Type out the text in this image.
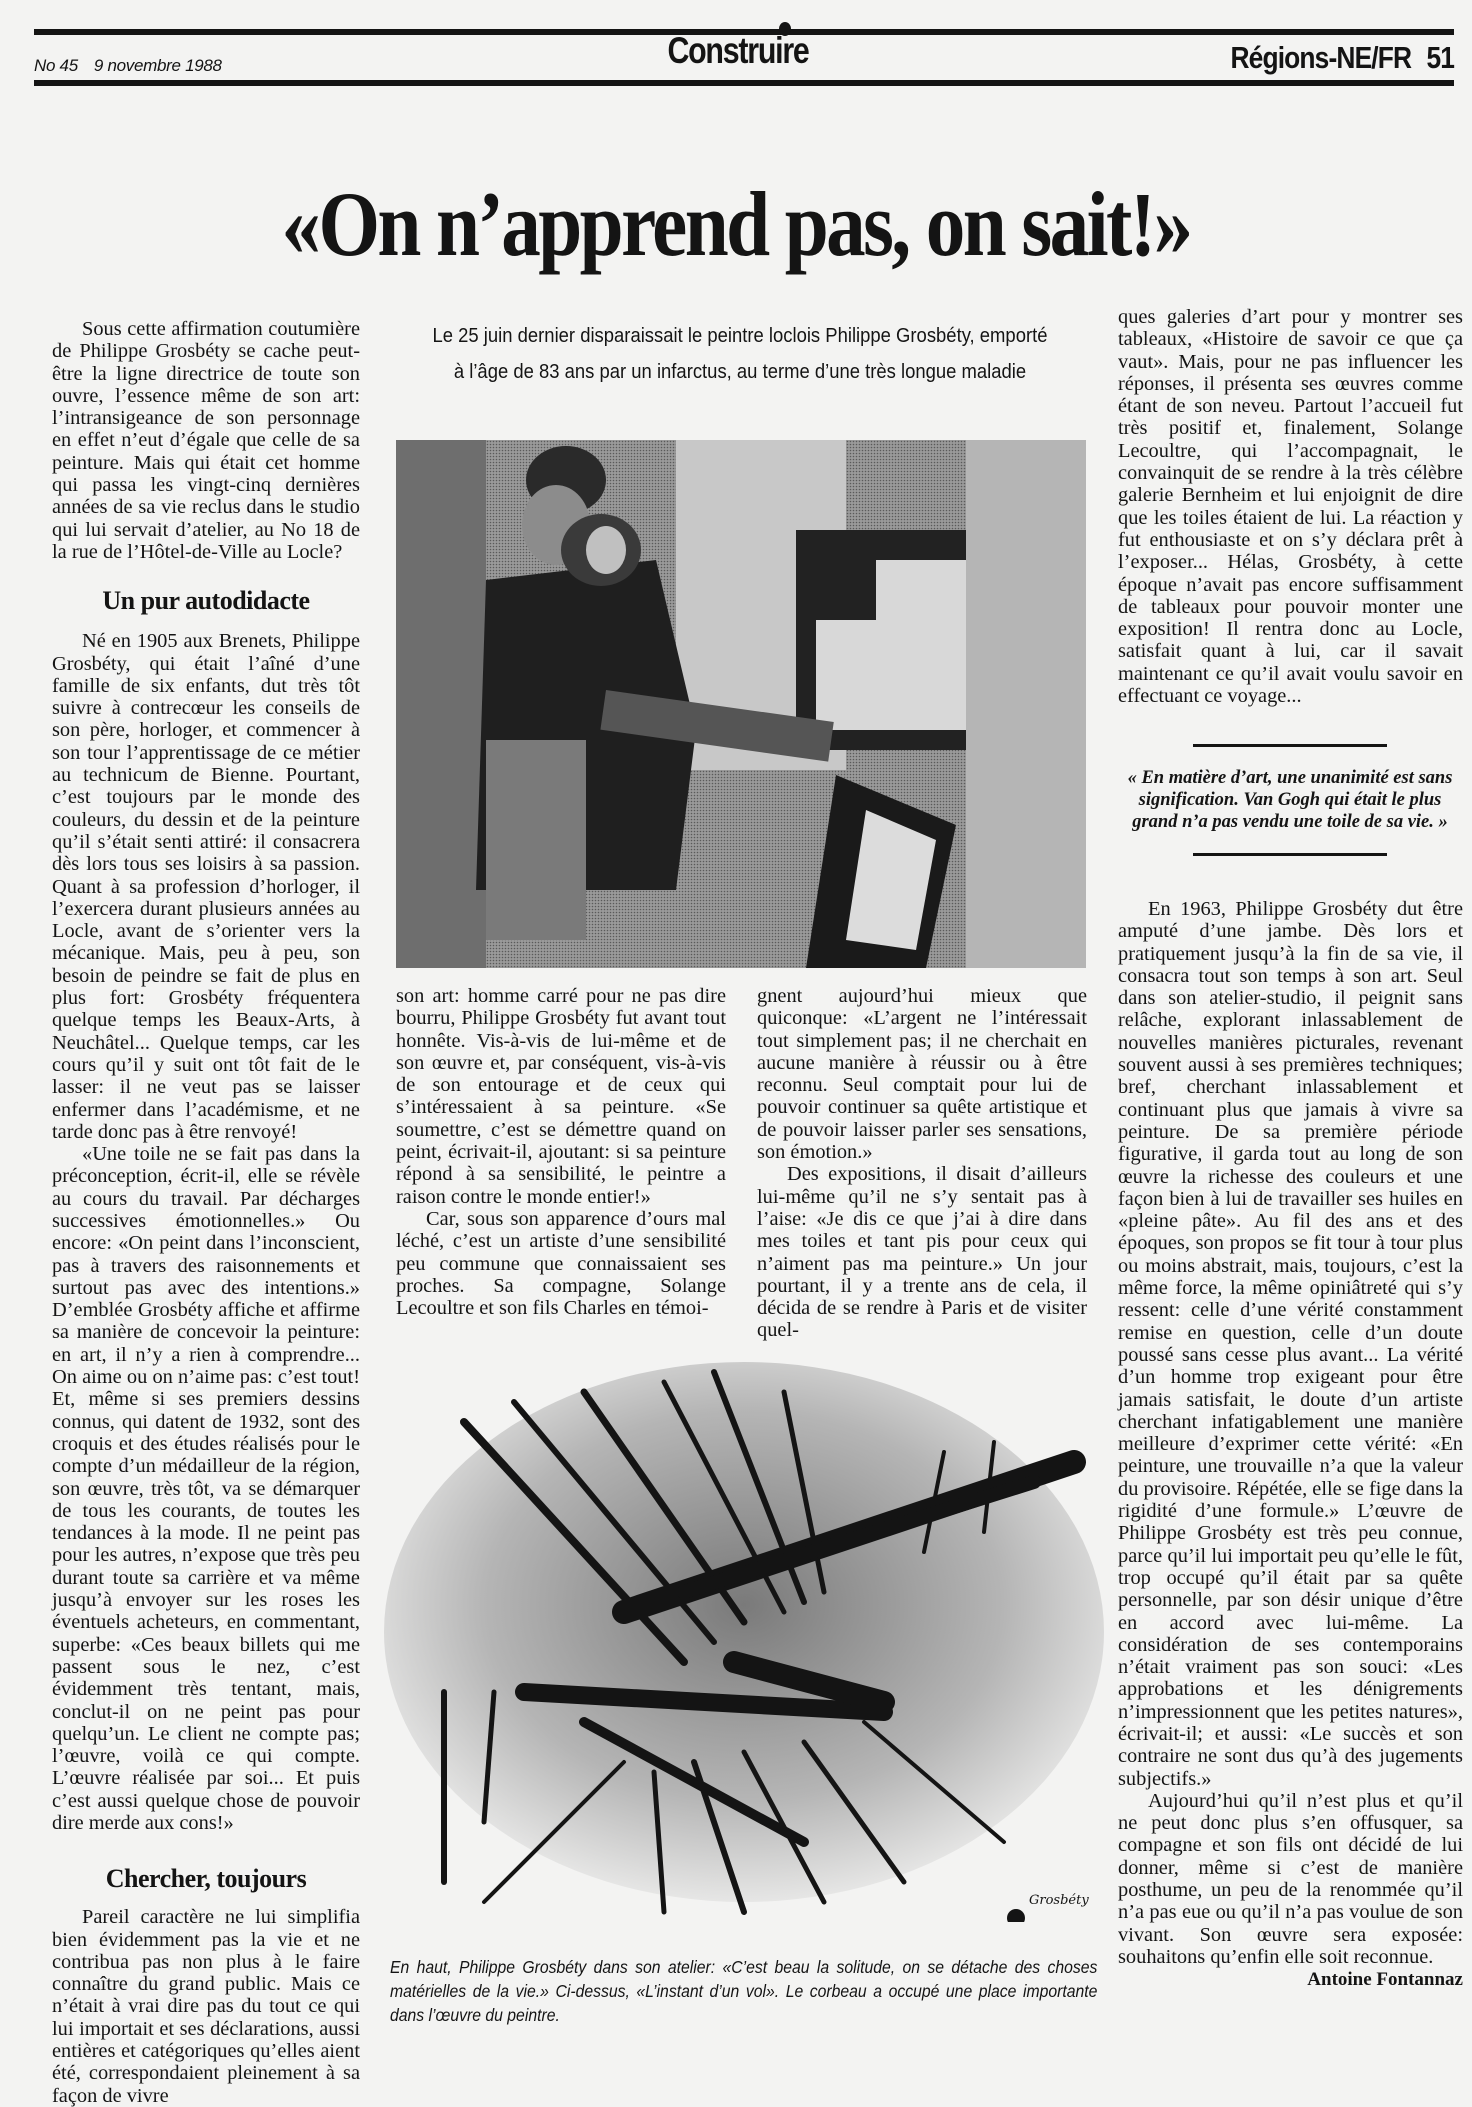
No 45 9 novembre 1988	Construire	Régions-NE/FR 51
«On n’apprend pas, on sait!»

Sous cette affirmation coutumière de Philippe Grosbéty se cache peut-être la ligne directrice de toute son ouvre, l’essence même de son art: l’intransigeance de son personnage en effet n’eut d’égale que celle de sa peinture. Mais qui était cet homme qui passa les vingt-cinq dernières années de sa vie reclus dans le studio qui lui servait d’atelier, au No 18 de la rue de l’Hôtel-de-Ville au Locle?

Un pur autodidacte

Né en 1905 aux Brenets, Philippe Grosbéty, qui était l’aîné d’une famille de six enfants, dut très tôt suivre à contrecœur les conseils de son père, horloger, et commencer à son tour l’apprentissage de ce métier au technicum de Bienne. Pourtant, c’est toujours par le monde des couleurs, du dessin et de la peinture qu’il s’était senti attiré: il consacrera dès lors tous ses loisirs à sa passion. Quant à sa profession d’horloger, il l’exercera durant plusieurs années au Locle, avant de s’orienter vers la mécanique. Mais, peu à peu, son besoin de peindre se fait de plus en plus fort: Grosbéty fréquentera quelque temps les Beaux-Arts, à Neuchâtel... Quelque temps, car les cours qu’il y suit ont tôt fait de le lasser: il ne veut pas se laisser enfermer dans l’académisme, et ne tarde donc pas à être renvoyé!

«Une toile ne se fait pas dans la préconception, écrit-il, elle se révèle au cours du travail. Par décharges successives émotionnelles.» Ou encore: «On peint dans l’inconscient, pas à travers des raisonnements et surtout pas avec des intentions.» D’emblée Grosbéty affiche et affirme sa manière de concevoir la peinture: en art, il n’y a rien à comprendre... On aime ou on n’aime pas: c’est tout! Et, même si ses premiers dessins connus, qui datent de 1932, sont des croquis et des études réalisés pour le compte d’un médailleur de la région, son œuvre, très tôt, va se démarquer de tous les courants, de toutes les tendances à la mode. Il ne peint pas pour les autres, n’expose que très peu durant toute sa carrière et va même jusqu’à envoyer sur les roses les éventuels acheteurs, en commentant, superbe: «Ces beaux billets qui me passent sous le nez, c’est évidemment très tentant, mais, conclut-il on ne peint pas pour quelqu’un. Le client ne compte pas; l’œuvre, voilà ce qui compte. L’œuvre réalisée par soi... Et puis c’est aussi quelque chose de pouvoir dire merde aux cons!»

Chercher, toujours

Pareil caractère ne lui simplifia bien évidemment pas la vie et ne contribua pas non plus à le faire connaître du grand public. Mais ce n’était à vrai dire pas du tout ce qui lui importait et ses déclarations, aussi entières et catégoriques qu’elles aient été, correspondaient pleinement à sa façon de vivre

Le 25 juin dernier disparaissait le peintre loclois Philippe Grosbéty, emporté à l’âge de 83 ans par un infarctus, au terme d’une très longue maladie

son art: homme carré pour ne pas dire bourru, Philippe Grosbéty fut avant tout honnête. Vis-à-vis de lui-même et de son œuvre et, par conséquent, vis-à-vis de son entourage et de ceux qui s’intéressaient à sa peinture. «Se soumettre, c’est se démettre quand on peint, écrivait-il, ajoutant: si sa peinture répond à sa sensibilité, le peintre a raison contre le monde entier!»

Car, sous son apparence d’ours mal léché, c’est un artiste d’une sensibilité peu commune que connaissaient ses proches. Sa compagne, Solange Lecoultre et son fils Charles en témoi-

gnent aujourd’hui mieux que quiconque: «L’argent ne l’intéressait tout simplement pas; il ne cherchait en aucune manière à réussir ou à être reconnu. Seul comptait pour lui de pouvoir continuer sa quête artistique et de pouvoir laisser parler ses sensations, son émotion.»

Des expositions, il disait d’ailleurs lui-même qu’il ne s’y sentait pas à l’aise: «Je dis ce que j’ai à dire dans mes toiles et tant pis pour ceux qui n’aiment pas ma peinture.» Un jour pourtant, il y a trente ans de cela, il décida de se rendre à Paris et de visiter quel-

Grosbéty
En haut, Philippe Grosbéty dans son atelier: «C’est beau la solitude, on se détache des choses matérielles de la vie.» Ci-dessus, «L’instant d’un vol». Le corbeau a occupé une place importante dans l’œuvre du peintre.

ques galeries d’art pour y montrer ses tableaux, «Histoire de savoir ce que ça vaut». Mais, pour ne pas influencer les réponses, il présenta ses œuvres comme étant de son neveu. Partout l’accueil fut très positif et, finalement, Solange Lecoultre, qui l’accompagnait, le convainquit de se rendre à la très célèbre galerie Bernheim et lui enjoignit de dire que les toiles étaient de lui. La réaction y fut enthousiaste et on s’y déclara prêt à l’exposer... Hélas, Grosbéty, à cette époque n’avait pas encore suffisamment de tableaux pour pouvoir monter une exposition! Il rentra donc au Locle, satisfait quant à lui, car il savait maintenant ce qu’il avait voulu savoir en effectuant ce voyage...

« En matière d’art, une unanimité est sans signification. Van Gogh qui était le plus grand n’a pas vendu une toile de sa vie. »

En 1963, Philippe Grosbéty dut être amputé d’une jambe. Dès lors et pratiquement jusqu’à la fin de sa vie, il consacra tout son temps à son art. Seul dans son atelier-studio, il peignit sans relâche, explorant inlassablement de nouvelles manières picturales, revenant souvent aussi à ses premières techniques; bref, cherchant inlassablement et continuant plus que jamais à vivre sa peinture. De sa première période figurative, il garda tout au long de son œuvre la richesse des couleurs et une façon bien à lui de travailler ses huiles en «pleine pâte». Au fil des ans et des époques, son propos se fit tour à tour plus ou moins abstrait, mais, toujours, c’est la même force, la même opiniâtreté qui s’y ressent: celle d’une vérité constamment remise en question, celle d’un doute poussé sans cesse plus avant... La vérité d’un homme trop exigeant pour être jamais satisfait, le doute d’un artiste cherchant infatigablement une manière meilleure d’exprimer cette vérité: «En peinture, une trouvaille n’a que la valeur du provisoire. Répétée, elle se fige dans la rigidité d’une formule.» L’œuvre de Philippe Grosbéty est très peu connue, parce qu’il lui importait peu qu’elle le fût, trop occupé qu’il était par sa quête personnelle, par son désir unique d’être en accord avec lui-même. La considération de ses contemporains n’était vraiment pas son souci: «Les approbations et les dénigrements n’impressionnent que les petites natures», écrivait-il; et aussi: «Le succès et son contraire ne sont dus qu’à des jugements subjectifs.»

Aujourd’hui qu’il n’est plus et qu’il ne peut donc plus s’en offusquer, sa compagne et son fils ont décidé de lui donner, même si c’est de manière posthume, un peu de la renommée qu’il n’a pas eue ou qu’il n’a pas voulue de son vivant. Son œuvre sera exposée: souhaitons qu’enfin elle soit reconnue.

Antoine Fontannaz
